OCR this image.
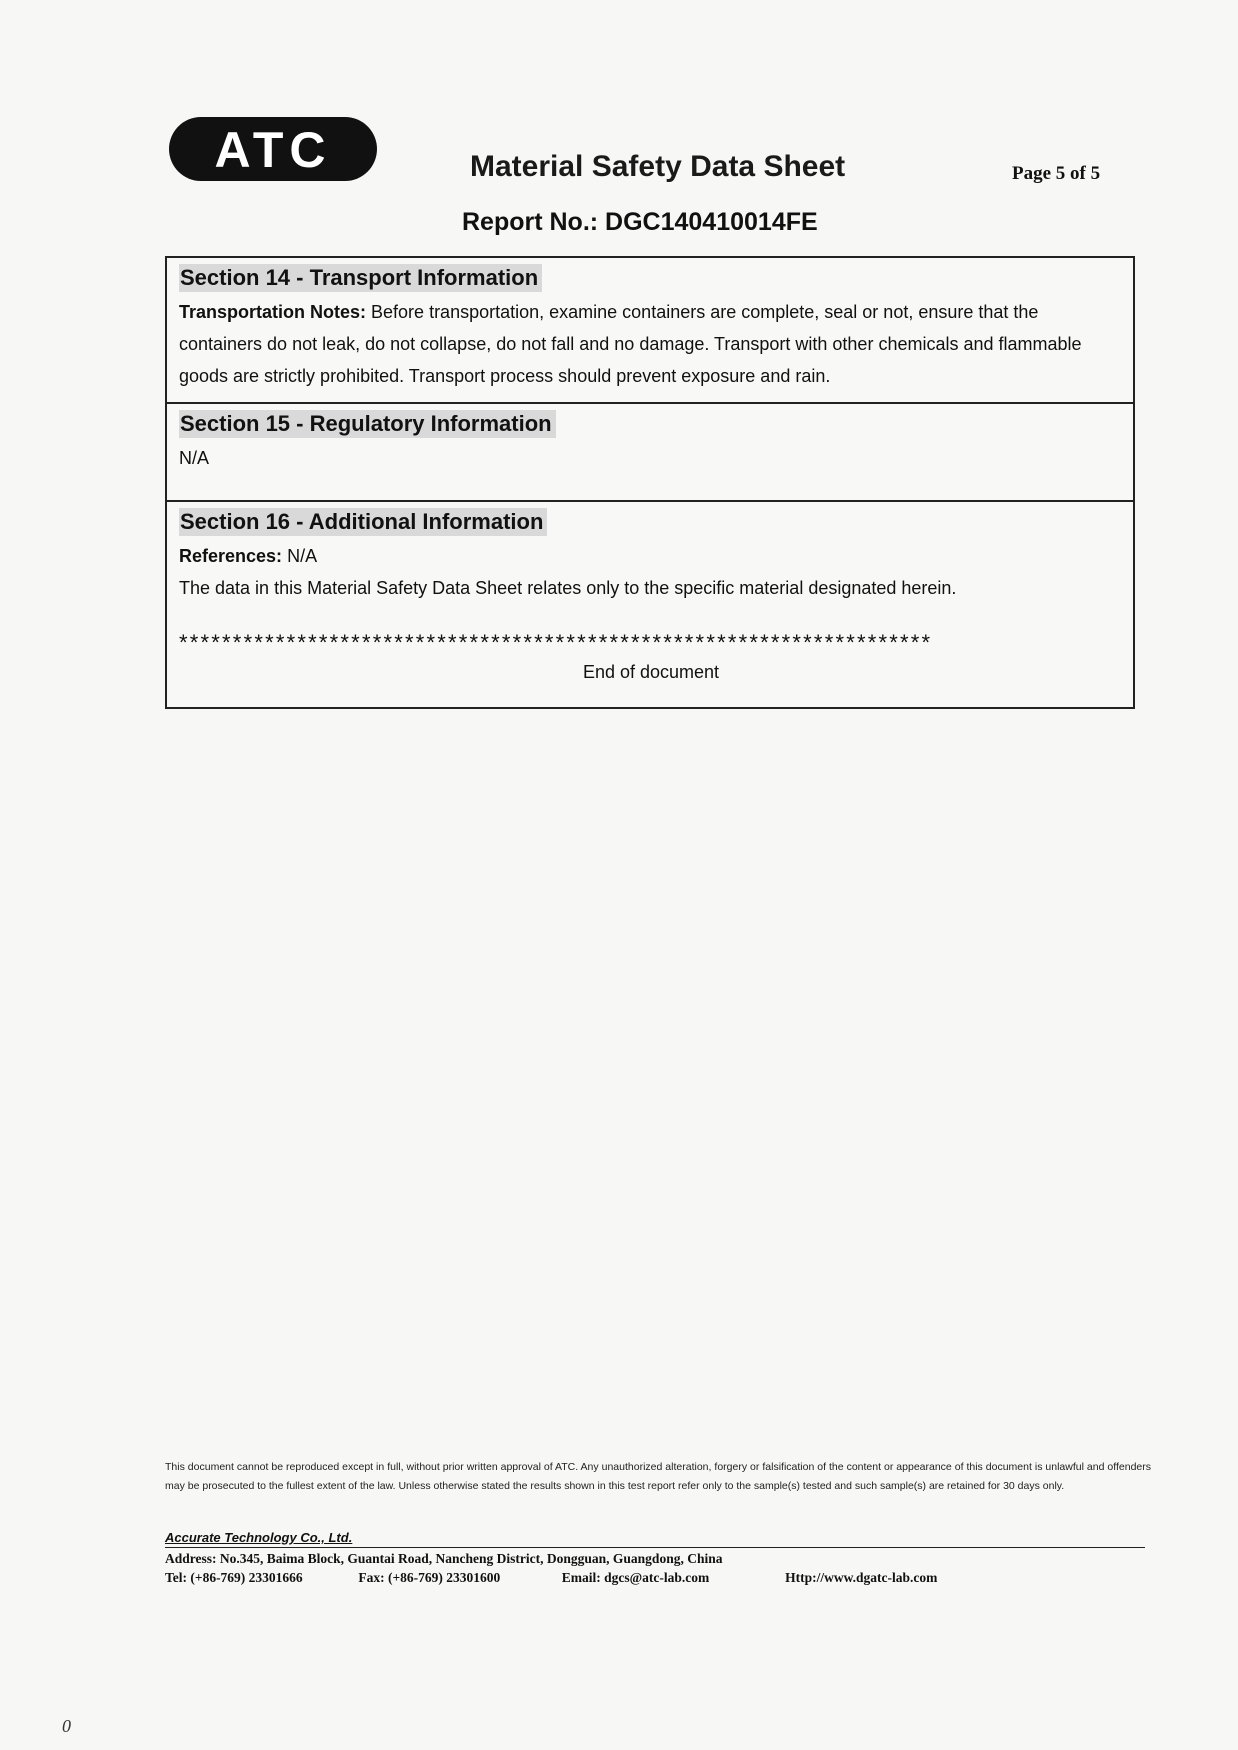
ATC	Material Safety Data Sheet	Page 5 of 5
Report No.: DGC140410014FE
Section 14 - Transport Information
Transportation Notes: Before transportation, examine containers are complete, seal or not, ensure that the containers do not leak, do not collapse, do not fall and no damage. Transport with other chemicals and flammable goods are strictly prohibited. Transport process should prevent exposure and rain.
Section 15 - Regulatory Information
N/A
Section 16 - Additional Information
References: N/A
The data in this Material Safety Data Sheet relates only to the specific material designated herein.
**********************************************************************
End of document
This document cannot be reproduced except in full, without prior written approval of ATC. Any unauthorized alteration, forgery or falsification of the content or appearance of this document is unlawful and offenders may be prosecuted to the fullest extent of the law. Unless otherwise stated the results shown in this test report refer only to the sample(s) tested and such sample(s) are retained for 30 days only.
Accurate Technology Co., Ltd.
Address: No.345, Baima Block, Guantai Road, Nancheng District, Dongguan, Guangdong, China
Tel: (+86-769) 23301666	Fax: (+86-769) 23301600	Email: dgcs@atc-lab.com	Http://www.dgatc-lab.com
0
